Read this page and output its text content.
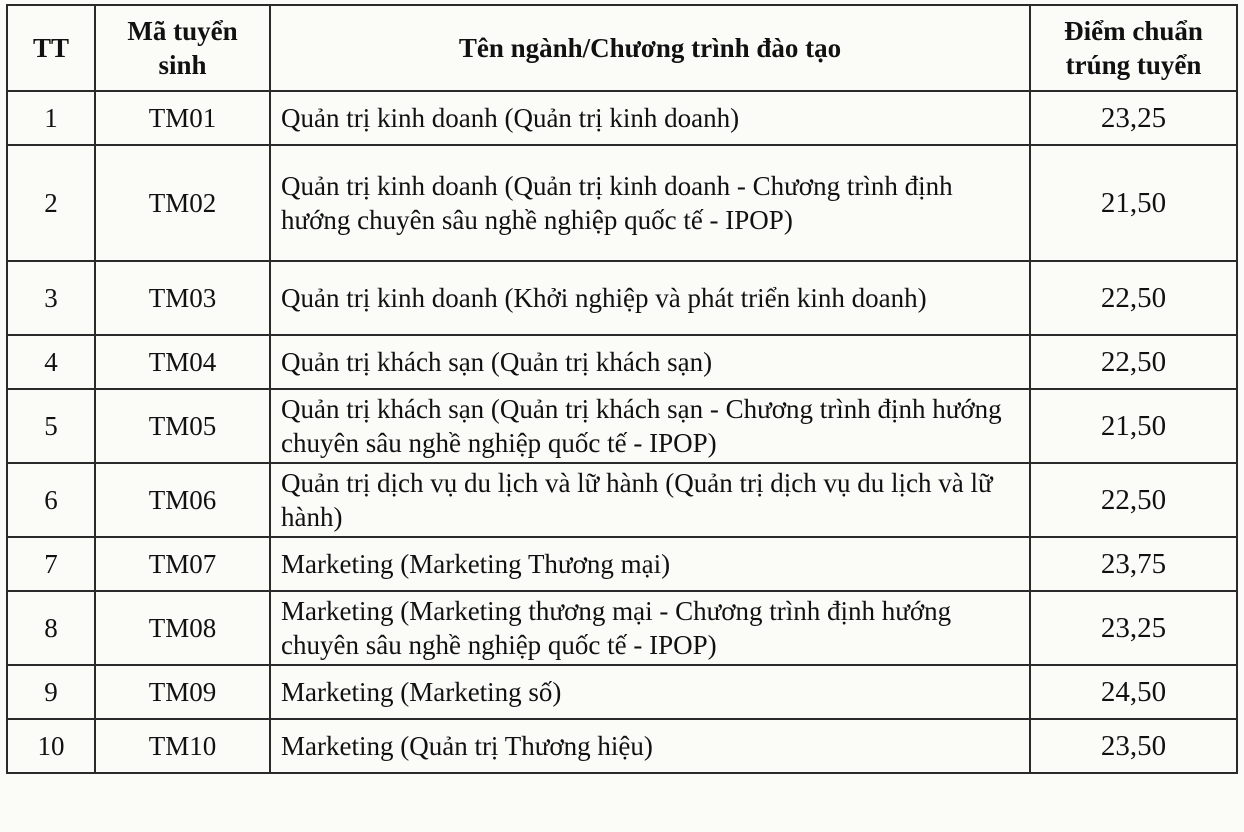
TT	Mã tuyển sinh	Tên ngành/Chương trình đào tạo	Điểm chuẩn trúng tuyển
1	TM01	Quản trị kinh doanh (Quản trị kinh doanh)	23,25
2	TM02	Quản trị kinh doanh (Quản trị kinh doanh - Chương trình định hướng chuyên sâu nghề nghiệp quốc tế - IPOP)	21,50
3	TM03	Quản trị kinh doanh (Khởi nghiệp và phát triển kinh doanh)	22,50
4	TM04	Quản trị khách sạn (Quản trị khách sạn)	22,50
5	TM05	Quản trị khách sạn (Quản trị khách sạn - Chương trình định hướng chuyên sâu nghề nghiệp quốc tế - IPOP)	21,50
6	TM06	Quản trị dịch vụ du lịch và lữ hành (Quản trị dịch vụ du lịch và lữ hành)	22,50
7	TM07	Marketing (Marketing Thương mại)	23,75
8	TM08	Marketing (Marketing thương mại - Chương trình định hướng chuyên sâu nghề nghiệp quốc tế - IPOP)	23,25
9	TM09	Marketing (Marketing số)	24,50
10	TM10	Marketing (Quản trị Thương hiệu)	23,50
